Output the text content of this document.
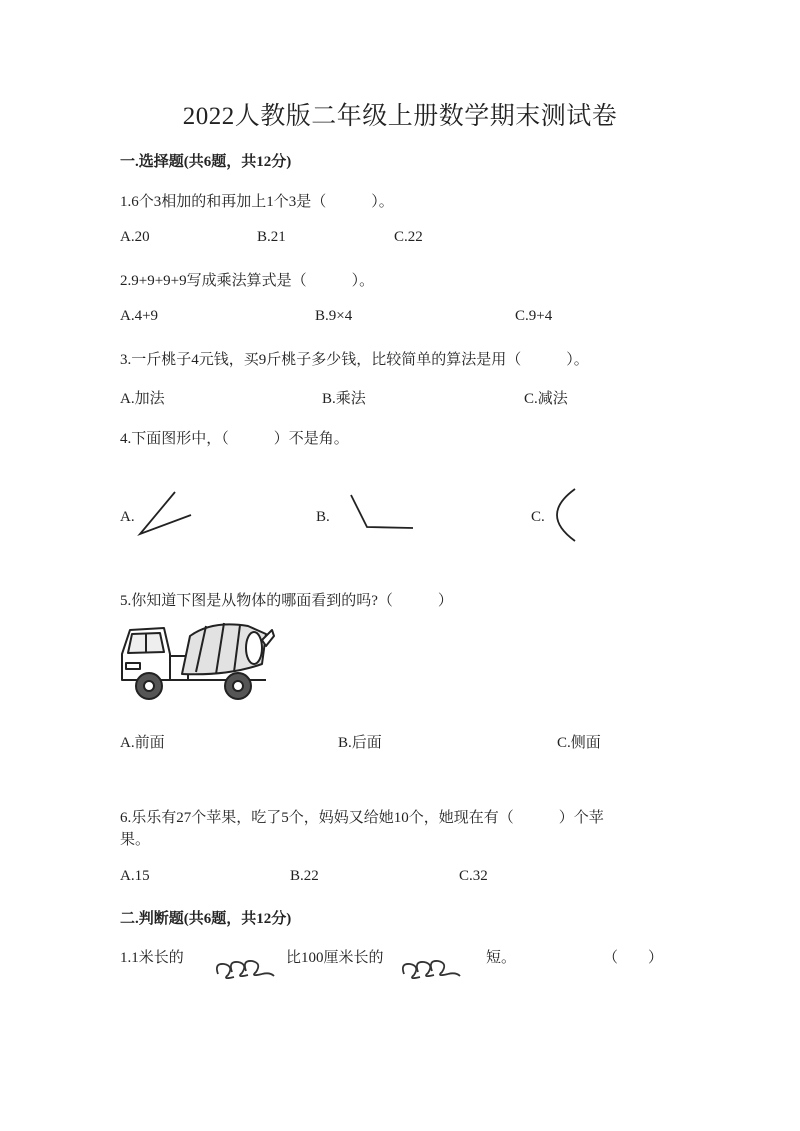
2022人教版二年级上册数学期末测试卷
一.选择题(共6题，共12分)
1.6个3相加的和再加上1个3是（　　　）。
A.20	B.21	C.22
2.9+9+9+9写成乘法算式是（　　　）。
A.4+9	B.9×4	C.9+4
3.一斤桃子4元钱，买9斤桃子多少钱，比较简单的算法是用（　　　）。
A.加法	B.乘法	C.减法
4.下面图形中，（　　　）不是角。
A.	B.	C.
5.你知道下图是从物体的哪面看到的吗?（　　　）
A.前面	B.后面	C.侧面
6.乐乐有27个苹果，吃了5个，妈妈又给她10个，她现在有（　　　）个苹
果。
A.15	B.22	C.32
二.判断题(共6题，共12分)
1.1米长的	比100厘米长的	短。	（　　）
